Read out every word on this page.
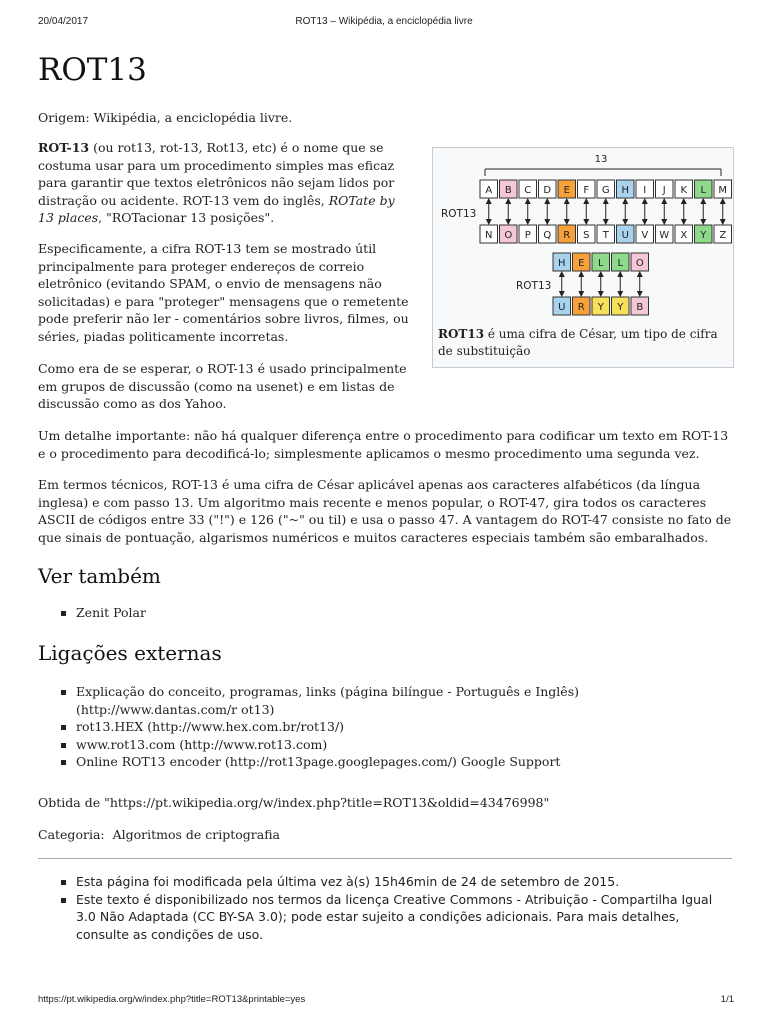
20/04/2017	ROT13 – Wikipédia, a enciclopédia livre
ROT13

Origem: Wikipédia, a enciclopédia livre.

ROT-13 (ou rot13, rot-13, Rot13, etc) é o nome que se costuma usar para um procedimento simples mas eficaz para garantir que textos eletrônicos não sejam lidos por distração ou acidente. ROT-13 vem do inglês, ROTate by 13 places, "ROTacionar 13 posições".

Especificamente, a cifra ROT-13 tem se mostrado útil principalmente para proteger endereços de correio eletrônico (evitando SPAM, o envio de mensagens não solicitadas) e para "proteger" mensagens que o remetente pode preferir não ler - comentários sobre livros, filmes, ou séries, piadas politicamente incorretas.

Como era de se esperar, o ROT-13 é usado principalmente em grupos de discussão (como na usenet) e em listas de discussão como as dos Yahoo.

Um detalhe importante: não há qualquer diferença entre o procedimento para codificar um texto em ROT-13 e o procedimento para decodificá-lo; simplesmente aplicamos o mesmo procedimento uma segunda vez.

Em termos técnicos, ROT-13 é uma cifra de César aplicável apenas aos caracteres alfabéticos (da língua inglesa) e com passo 13. Um algoritmo mais recente e menos popular, o ROT-47, gira todos os caracteres ASCII de códigos entre 33 ("!") e 126 ("~" ou til) e usa o passo 47. A vantagem do ROT-47 consiste no fato de que sinais de pontuação, algarismos numéricos e muitos caracteres especiais também são embaralhados.

13
ROT13
ROT13
A B C D E F G H I J K L M
N O P Q R S T U V W X Y Z
H E L L O
U R Y Y B
ROT13 é uma cifra de César, um tipo de cifra de substituição
Ver também
Zenit Polar
Ligações externas
Explicação do conceito, programas, links (página bilíngue - Português e Inglês) (http://www.dantas.com/r ot13)
rot13.HEX (http://www.hex.com.br/rot13/)
www.rot13.com (http://www.rot13.com)
Online ROT13 encoder (http://rot13page.googlepages.com/) Google Support

Obtida de "https://pt.wikipedia.org/w/index.php?title=ROT13&oldid=43476998"

Categoria: Algoritmos de criptografia

Esta página foi modificada pela última vez à(s) 15h46min de 24 de setembro de 2015.
Este texto é disponibilizado nos termos da licença Creative Commons - Atribuição - Compartilha Igual 3.0 Não Adaptada (CC BY-SA 3.0); pode estar sujeito a condições adicionais. Para mais detalhes, consulte as condições de uso.
https://pt.wikipedia.org/w/index.php?title=ROT13&printable=yes	1/1
